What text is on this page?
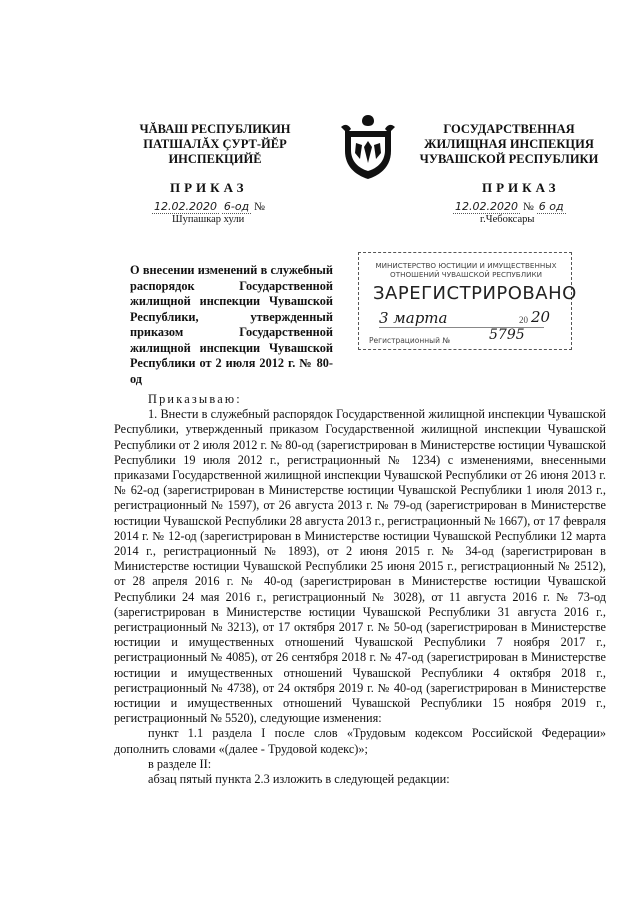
ЧĂВАШ РЕСПУБЛИКИН
ПАТШАЛĂХ ÇУРТ-ЙĔР
ИНСПЕКЦИЙĔ
ГОСУДАРСТВЕННАЯ
ЖИЛИЩНАЯ ИНСПЕКЦИЯ
ЧУВАШСКОЙ РЕСПУБЛИКИ
ПРИКАЗ	ПРИКАЗ
12.02.2020 6-од №
Шупашкар хули
12.02.2020 № 6 од
г.Чебоксары
О внесении изменений в служебный распорядок Государственной жилищной инспекции Чувашской Республики, утвержденный приказом Государственной жилищной инспекции Чувашской Республики от 2 июля 2012 г. № 80-од
МИНИСТЕРСТВО ЮСТИЦИИ И ИМУЩЕСТВЕННЫХ
ОТНОШЕНИЙ ЧУВАШСКОЙ РЕСПУБЛИКИ
ЗАРЕГИСТРИРОВАНО
3 марта	20 20
Регистрационный №	5795

Приказываю:

1. Внести в служебный распорядок Государственной жилищной инспекции Чувашской Республики, утвержденный приказом Государственной жилищной инспекции Чувашской Республики от 2 июля 2012 г. № 80-од (зарегистрирован в Министерстве юстиции Чувашской Республики 19 июля 2012 г., регистрационный № 1234) с изменениями, внесенными приказами Государственной жилищной инспекции Чувашской Республики от 26 июня 2013 г. № 62-од (зарегистрирован в Министерстве юстиции Чувашской Республики 1 июля 2013 г., регистрационный № 1597), от 26 августа 2013 г. № 79-од (зарегистрирован в Министерстве юстиции Чувашской Республики 28 августа 2013 г., регистрационный № 1667), от 17 февраля 2014 г. № 12-од (зарегистрирован в Министерстве юстиции Чувашской Республики 12 марта 2014 г., регистрационный № 1893), от 2 июня 2015 г. № 34-од (зарегистрирован в Министерстве юстиции Чувашской Республики 25 июня 2015 г., регистрационный № 2512), от 28 апреля 2016 г. № 40-од (зарегистрирован в Министерстве юстиции Чувашской Республики 24 мая 2016 г., регистрационный № 3028), от 11 августа 2016 г. № 73-од (зарегистрирован в Министерстве юстиции Чувашской Республики 31 августа 2016 г., регистрационный № 3213), от 17 октября 2017 г. № 50-од (зарегистрирован в Министерстве юстиции и имущественных отношений Чувашской Республики 7 ноября 2017 г., регистрационный № 4085), от 26 сентября 2018 г. № 47-од (зарегистрирован в Министерстве юстиции и имущественных отношений Чувашской Республики 4 октября 2018 г., регистрационный № 4738), от 24 октября 2019 г. № 40-од (зарегистрирован в Министерстве юстиции и имущественных отношений Чувашской Республики 15 ноября 2019 г., регистрационный № 5520), следующие изменения:

пункт 1.1 раздела I после слов «Трудовым кодексом Российской Федерации» дополнить словами «(далее - Трудовой кодекс)»;

в разделе II:

абзац пятый пункта 2.3 изложить в следующей редакции:
